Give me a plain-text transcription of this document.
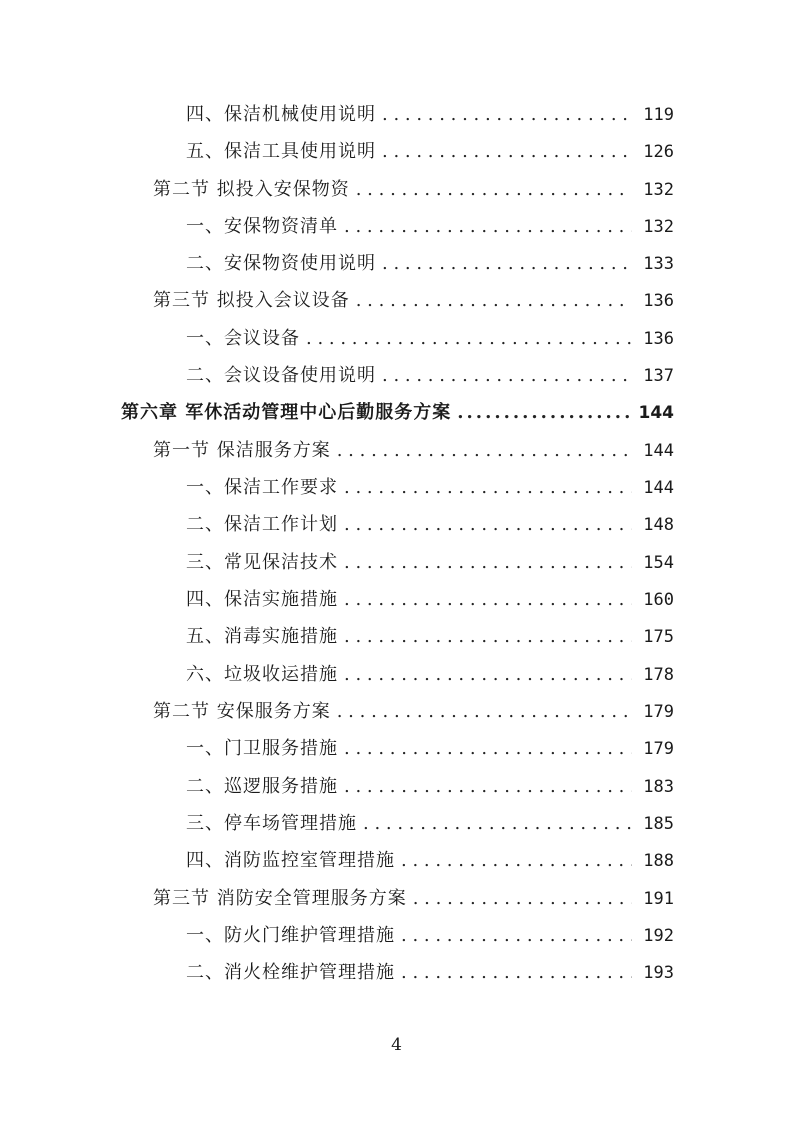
四、保洁机械使用说明 . . .	119
五、保洁工具使用说明 . . .	126
第二节 拟投入安保物资 . . .	132
一、安保物资清单 . . .	132
二、安保物资使用说明 . . .	133
第三节 拟投入会议设备 . . .	136
一、会议设备 . . .	136
二、会议设备使用说明 . . .	137
第六章 军休活动管理中心后勤服务方案 .....	144
第一节 保洁服务方案 . . .	144
一、保洁工作要求 . . .	144
二、保洁工作计划 . . .	148
三、常见保洁技术 . . .	154
四、保洁实施措施 . . .	160
五、消毒实施措施 . . .	175
六、垃圾收运措施 . . .	178
第二节 安保服务方案 . . .	179
一、门卫服务措施 . . .	179
二、巡逻服务措施 . . .	183
三、停车场管理措施 . . .	185
四、消防监控室管理措施 . . .	188
第三节 消防安全管理服务方案 . . .	191
一、防火门维护管理措施 . . .	192
二、消火栓维护管理措施 . . .	193
4
